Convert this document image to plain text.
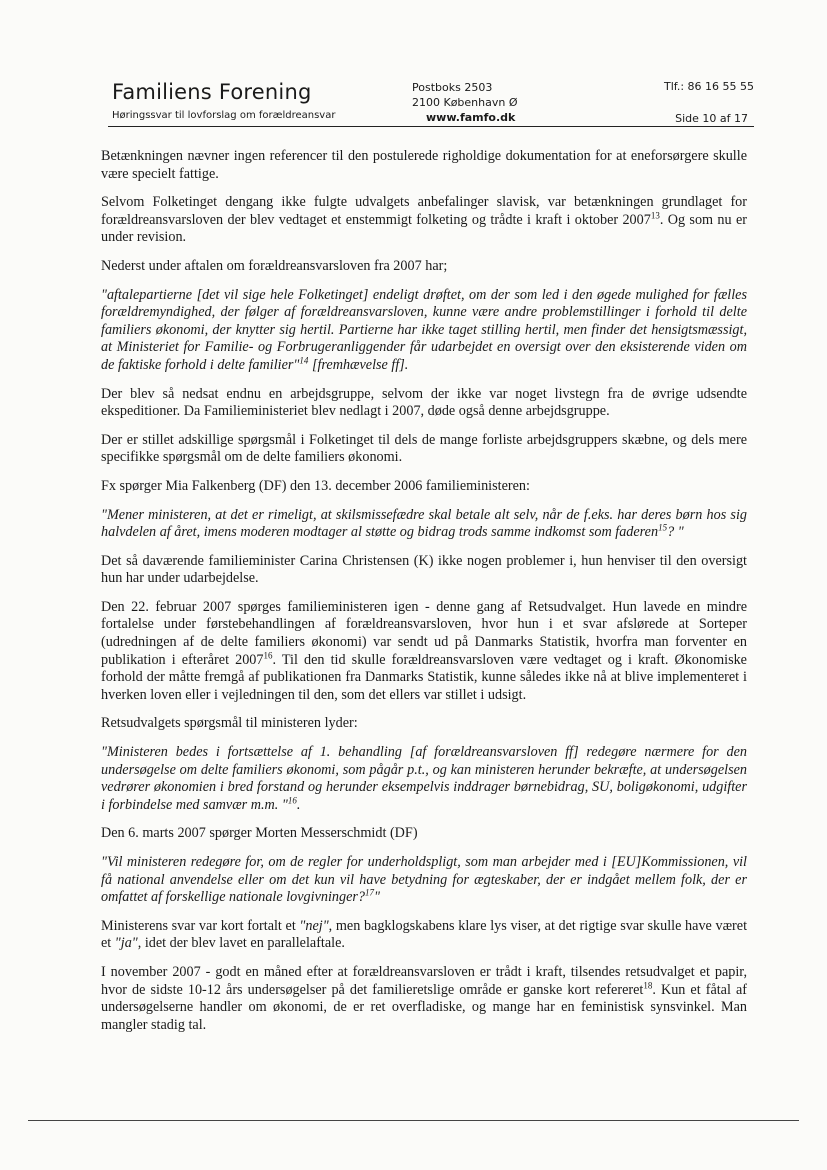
Familiens Forening
Høringssvar til lovforslag om forældreansvar
Postboks 2503
2100 København Ø
www.famfo.dk
Tlf.: 86 16 55 55
Side 10 af 17

Betænkningen nævner ingen referencer til den postulerede righoldige dokumentation for at eneforsørgere skulle være specielt fattige.

Selvom Folketinget dengang ikke fulgte udvalgets anbefalinger slavisk, var betænkningen grundlaget for forældreansvarsloven der blev vedtaget et enstemmigt folketing og trådte i kraft i oktober 2007$^{13}$. Og som nu er under revision.

Nederst under aftalen om forældreansvarsloven fra 2007 har;

"aftalepartierne [det vil sige hele Folketinget] endeligt drøftet, om der som led i den øgede mulighed for fælles forældremyndighed, der følger af forældreansvarsloven, kunne være andre problemstillinger i forhold til delte familiers økonomi, der knytter sig hertil. Partierne har ikke taget stilling hertil, men finder det hensigtsmæssigt, at Ministeriet for Familie- og Forbrugeranliggender får udarbejdet en oversigt over den eksisterende viden om de faktiske forhold i delte familier"$^{14}$ [fremhævelse ff].

Der blev så nedsat endnu en arbejdsgruppe, selvom der ikke var noget livstegn fra de øvrige udsendte ekspeditioner. Da Familieministeriet blev nedlagt i 2007, døde også denne arbejdsgruppe.

Der er stillet adskillige spørgsmål i Folketinget til dels de mange forliste arbejdsgruppers skæbne, og dels mere specifikke spørgsmål om de delte familiers økonomi.

Fx spørger Mia Falkenberg (DF) den 13. december 2006 familieministeren:

"Mener ministeren, at det er rimeligt, at skilsmissefædre skal betale alt selv, når de f.eks. har deres børn hos sig halvdelen af året, imens moderen modtager al støtte og bidrag trods samme indkomst som faderen$^{15}$? "

Det så daværende familieminister Carina Christensen (K) ikke nogen problemer i, hun henviser til den oversigt hun har under udarbejdelse.

Den 22. februar 2007 spørges familieministeren igen - denne gang af Retsudvalget. Hun lavede en mindre fortalelse under førstebehandlingen af forældreansvarsloven, hvor hun i et svar afslørede at Sorteper (udredningen af de delte familiers økonomi) var sendt ud på Danmarks Statistik, hvorfra man forventer en publikation i efteråret 2007$^{16}$. Til den tid skulle forældreansvarsloven være vedtaget og i kraft. Økonomiske forhold der måtte fremgå af publikationen fra Danmarks Statistik, kunne således ikke nå at blive implementeret i hverken loven eller i vejledningen til den, som det ellers var stillet i udsigt.

Retsudvalgets spørgsmål til ministeren lyder:

"Ministeren bedes i fortsættelse af 1. behandling [af forældreansvarsloven ff] redegøre nærmere for den undersøgelse om delte familiers økonomi, som pågår p.t., og kan ministeren herunder bekræfte, at undersøgelsen vedrører økonomien i bred forstand og herunder eksempelvis inddrager børnebidrag, SU, boligøkonomi, udgifter i forbindelse med samvær m.m. "$^{16}$.

Den 6. marts 2007 spørger Morten Messerschmidt (DF)

"Vil ministeren redegøre for, om de regler for underholdspligt, som man arbejder med i [EU]Kommissionen, vil få national anvendelse eller om det kun vil have betydning for ægteskaber, der er indgået mellem folk, der er omfattet af forskellige nationale lovgivninger?$^{17}$"

Ministerens svar var kort fortalt et "nej", men bagklogskabens klare lys viser, at det rigtige svar skulle have været et "ja", idet der blev lavet en parallelaftale.

I november 2007 - godt en måned efter at forældreansvarsloven er trådt i kraft, tilsendes retsudvalget et papir, hvor de sidste 10-12 års undersøgelser på det familieretslige område er ganske kort refereret$^{18}$. Kun et fåtal af undersøgelserne handler om økonomi, de er ret overfladiske, og mange har en feministisk synsvinkel. Man mangler stadig tal.
